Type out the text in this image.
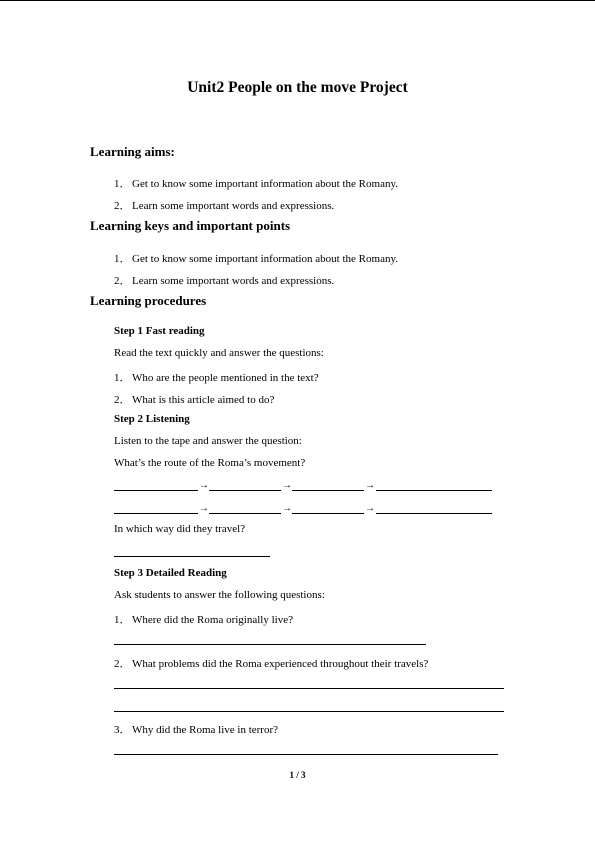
Unit2 People on the move Project
Learning aims:
1． Get to know some important information about the Romany.
2． Learn some important words and expressions.
Learning keys and important points
1． Get to know some important information about the Romany.
2． Learn some important words and expressions.
Learning procedures
Step 1 Fast reading
Read the text quickly and answer the questions:
1． Who are the people mentioned in the text?
2． What is this article aimed to do?
Step 2 Listening
Listen to the tape and answer the question:
What’s the route of the Roma’s movement?
→	→	→
→	→	→
In which way did they travel?
Step 3 Detailed Reading
Ask students to answer the following questions:
1． Where did the Roma originally live?
2． What problems did the Roma experienced throughout their travels?
3． Why did the Roma live in terror?
1 / 3
